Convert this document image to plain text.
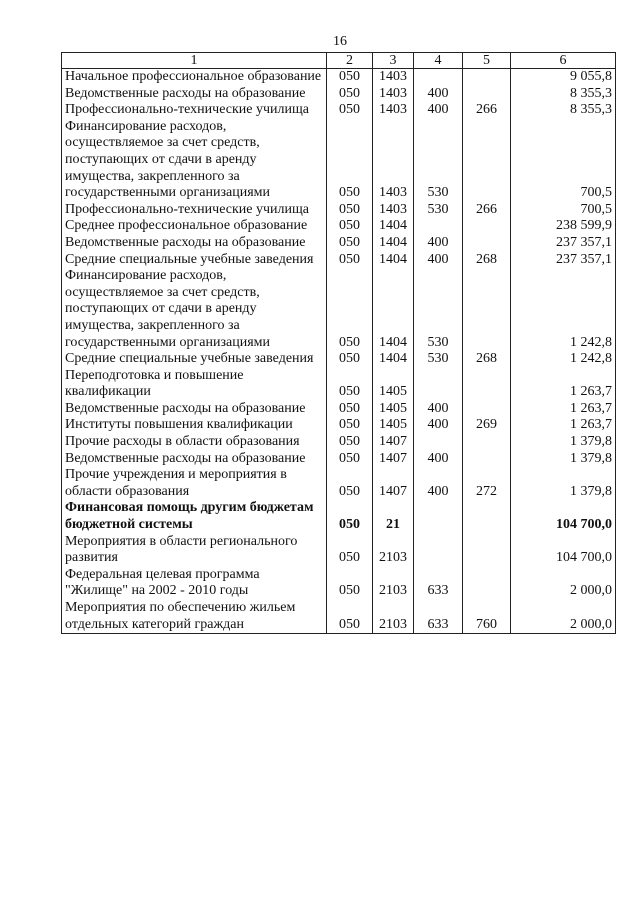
16
1	2	3	4	5	6
Начальное профессиональное образование	050	1403			9 055,8
Ведомственные расходы на образование	050	1403	400		8 355,3
Профессионально-технические училища	050	1403	400	266	8 355,3
Финансирование расходов, осуществляемое за счет средств, поступающих от сдачи в аренду имущества, закрепленного за государственными организациями	050	1403	530		700,5
Профессионально-технические училища	050	1403	530	266	700,5
Среднее профессиональное образование	050	1404			238 599,9
Ведомственные расходы на образование	050	1404	400		237 357,1
Средние специальные учебные заведения	050	1404	400	268	237 357,1
Финансирование расходов, осуществляемое за счет средств, поступающих от сдачи в аренду имущества, закрепленного за государственными организациями	050	1404	530		1 242,8
Средние специальные учебные заведения	050	1404	530	268	1 242,8
Переподготовка и повышение квалификации	050	1405			1 263,7
Ведомственные расходы на образование	050	1405	400		1 263,7
Институты повышения квалификации	050	1405	400	269	1 263,7
Прочие расходы в области образования	050	1407			1 379,8
Ведомственные расходы на образование	050	1407	400		1 379,8
Прочие учреждения и мероприятия в области образования	050	1407	400	272	1 379,8
Финансовая помощь другим бюджетам бюджетной системы	050	21			104 700,0
Мероприятия в области регионального развития	050	2103			104 700,0
Федеральная целевая программа "Жилище" на 2002 - 2010 годы	050	2103	633		2 000,0
Мероприятия по обеспечению жильем отдельных категорий граждан	050	2103	633	760	2 000,0
